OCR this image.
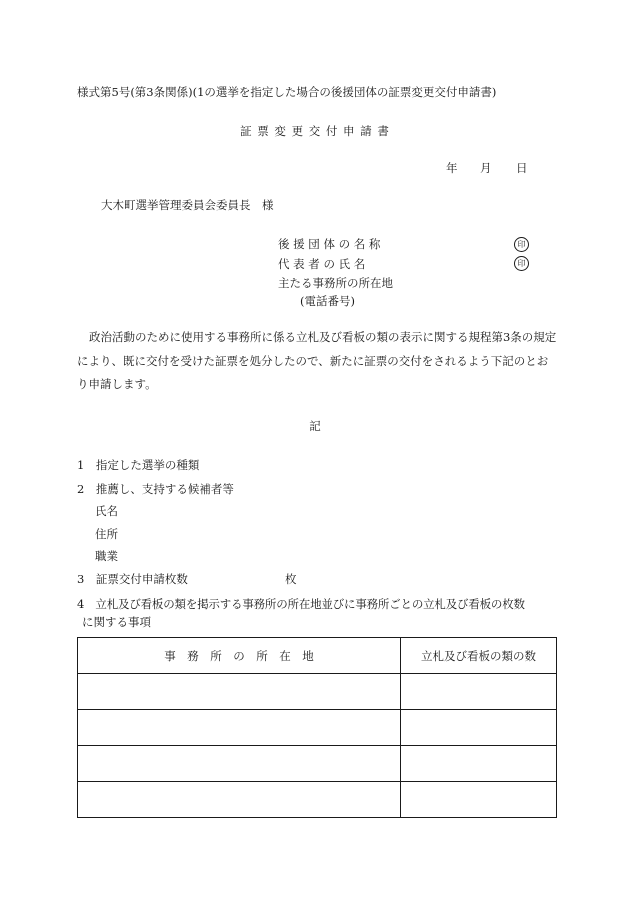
様式第5号(第3条関係)(1の選挙を指定した場合の後援団体の証票変更交付申請書)
証 票 変 更 交 付 申 請 書
年 月 日
大木町選挙管理委員会委員長　様
後 援 団 体 の 名 称	印
代 表 者 の 氏 名	印
主たる事務所の所在地
(電話番号)
政治活動のために使用する事務所に係る立札及び看板の類の表示に関する規程第3条の規定により、既に交付を受けた証票を処分したので、新たに証票の交付をされるよう下記のとおり申請します。
記
1　指定した選挙の種類
2　推薦し、支持する候補者等
氏名
住所
職業
3　証票交付申請枚数	枚
4　立札及び看板の類を掲示する事務所の所在地並びに事務所ごとの立札及び看板の枚数
に関する事項
事　務　所　の　所　在　地	立札及び看板の類の数
